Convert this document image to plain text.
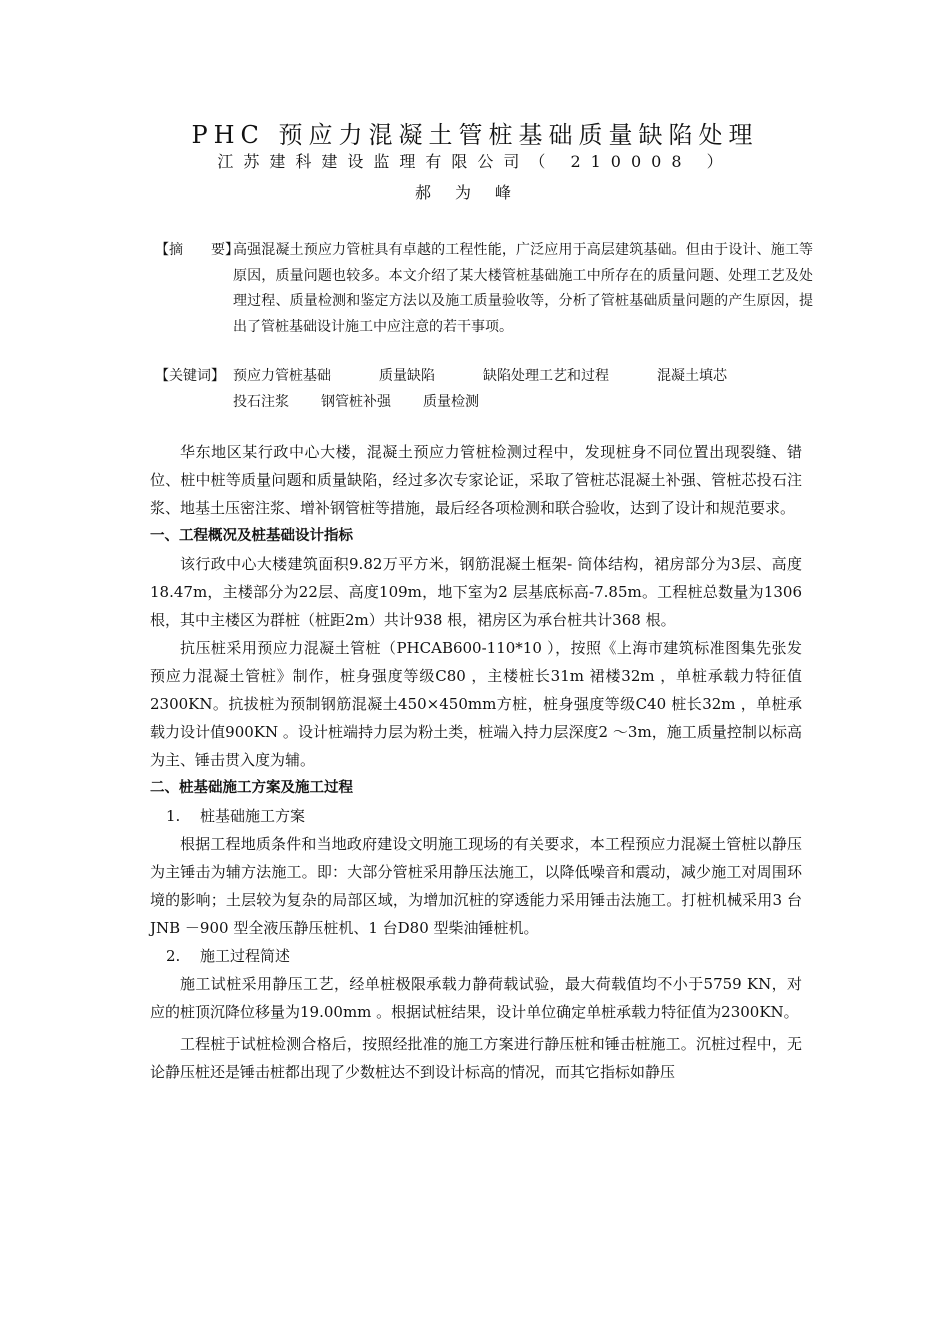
PHC 预应力混凝土管桩基础质量缺陷处理
江苏建科建设监理有限公司（ 210008 ）
郝为峰
【摘　　要】
高强混凝土预应力管桩具有卓越的工程性能，广泛应用于高层建筑基础。但由于设计、施工等原因，质量问题也较多。本文介绍了某大楼管桩基础施工中所存在的质量问题、处理工艺及处理过程、质量检测和鉴定方法以及施工质量验收等，分析了管桩基础质量问题的产生原因，提出了管桩基础设计施工中应注意的若干事项。
【关键词】 预应力管桩基础	质量缺陷	缺陷处理工艺和过程	混凝土填芯
投石注浆 钢管桩补强 质量检测

华东地区某行政中心大楼，混凝土预应力管桩检测过程中，发现桩身不同位置出现裂缝、错位、桩中桩等质量问题和质量缺陷，经过多次专家论证，采取了管桩芯混凝土补强、管桩芯投石注浆、地基土压密注浆、增补钢管桩等措施，最后经各项检测和联合验收，达到了设计和规范要求。

一、工程概况及桩基础设计指标

该行政中心大楼建筑面积9.82万平方米，钢筋混凝土框架- 筒体结构，裙房部分为3层、高度18.47m，主楼部分为22层、高度109m，地下室为2 层基底标高-7.85m。工程桩总数量为1306根，其中主楼区为群桩（桩距2m）共计938 根，裙房区为承台桩共计368 根。

抗压桩采用预应力混凝土管桩（PHCAB600-110*10 ），按照《上海市建筑标准图集先张发预应力混凝土管桩》制作，桩身强度等级C80 ，主楼桩长31m 裙楼32m ，单桩承载力特征值2300KN。抗拔桩为预制钢筋混凝土450×450mm方桩，桩身强度等级C40 桩长32m ，单桩承载力设计值900KN 。设计桩端持力层为粉土类，桩端入持力层深度2 ～3m，施工质量控制以标高为主、锤击贯入度为辅。

二、桩基础施工方案及施工过程

1. 桩基础施工方案

根据工程地质条件和当地政府建设文明施工现场的有关要求，本工程预应力混凝土管桩以静压为主锤击为辅方法施工。即：大部分管桩采用静压法施工，以降低噪音和震动，减少施工对周围环境的影响；土层较为复杂的局部区域，为增加沉桩的穿透能力采用锤击法施工。打桩机械采用3 台JNB －900 型全液压静压桩机、1 台D80 型柴油锤桩机。

2. 施工过程简述

施工试桩采用静压工艺，经单桩极限承载力静荷载试验，最大荷载值均不小于5759 KN，对应的桩顶沉降位移量为19.00mm 。根据试桩结果，设计单位确定单桩承载力特征值为2300KN。

工程桩于试桩检测合格后，按照经批准的施工方案进行静压桩和锤击桩施工。沉桩过程中，无论静压桩还是锤击桩都出现了少数桩达不到设计标高的情况，而其它指标如静压
